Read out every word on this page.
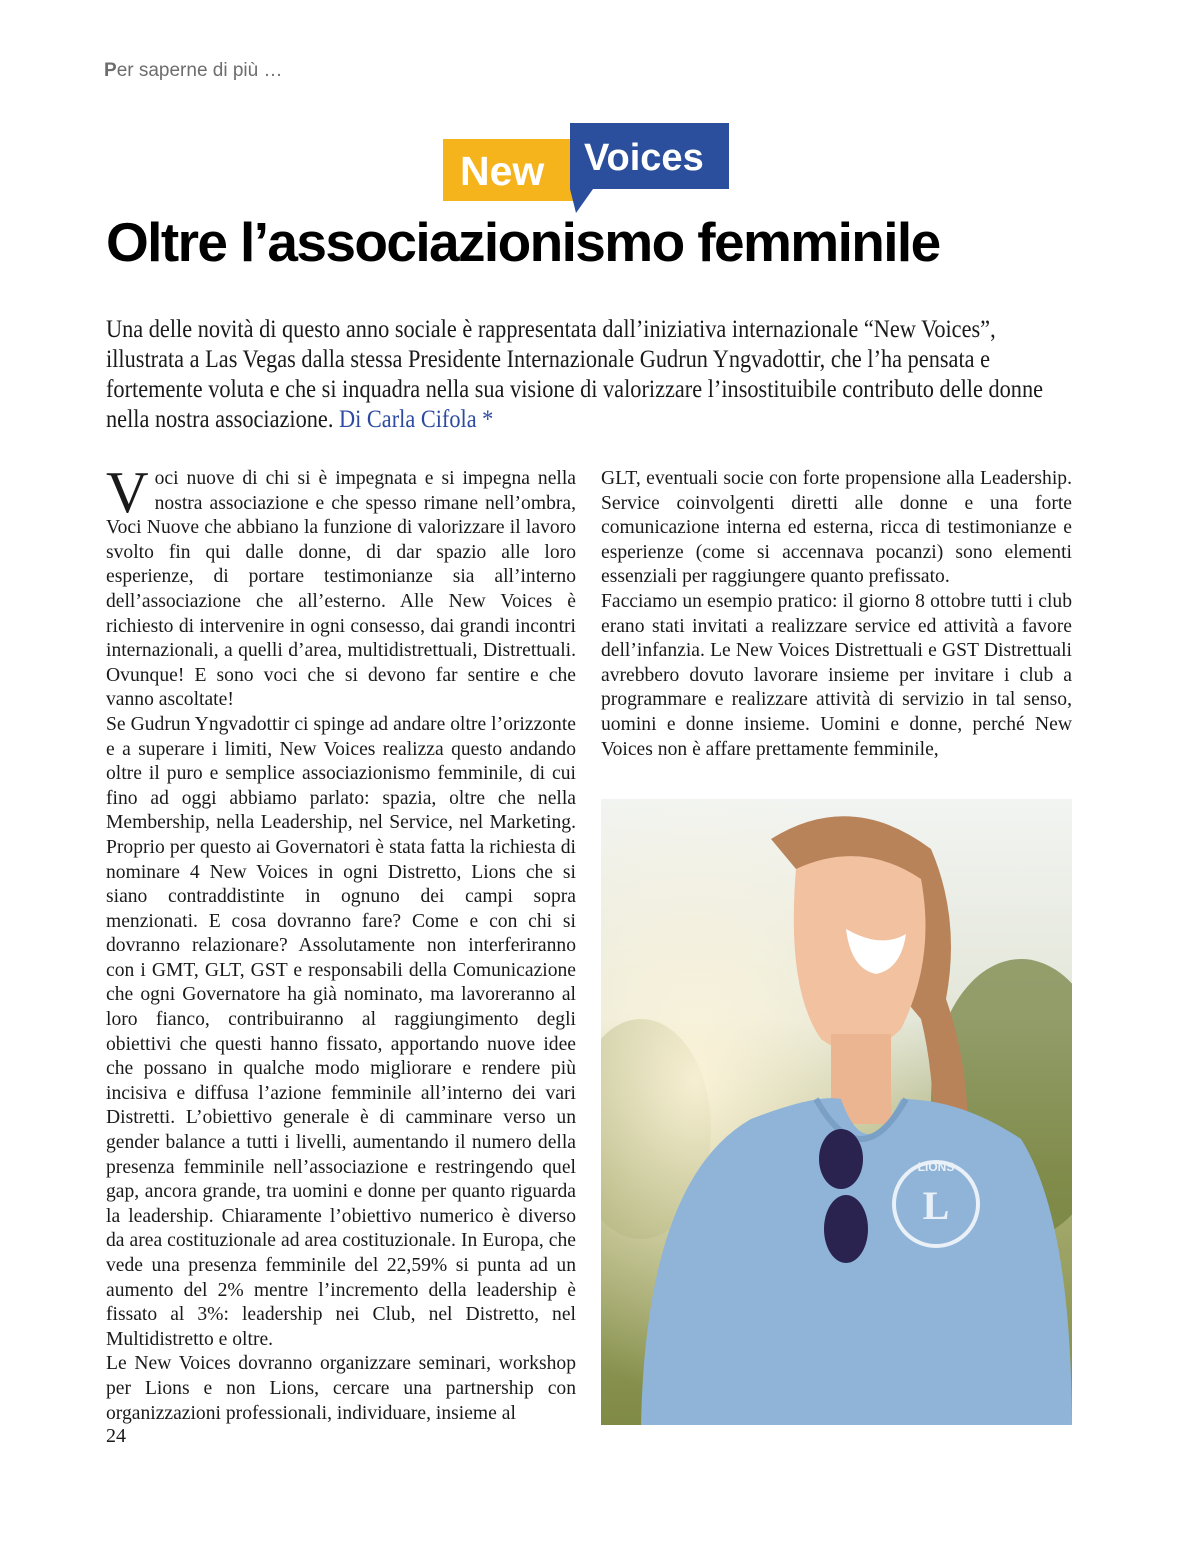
Per saperne di più …
New Voices
Oltre l’associazionismo femminile

Una delle novità di questo anno sociale è rappresentata dall’iniziativa internazionale “New Voices”, illustrata a Las Vegas dalla stessa Presidente Internazionale Gudrun Yngvadottir, che l’ha pensata e fortemente voluta e che si inquadra nella sua visione di valorizzare l’insostituibile contributo delle donne nella nostra associazione. Di Carla Cifola *

Voci nuove di chi si è impegnata e si impegna nella nostra associazione e che spesso rimane nell’ombra, Voci Nuove che abbiano la funzione di valorizzare il lavoro svolto fin qui dalle donne, di dar spazio alle loro esperienze, di portare testimonianze sia all’interno dell’associazione che all’esterno. Alle New Voices è richiesto di intervenire in ogni consesso, dai grandi incontri internazionali, a quelli d’area, multidistrettuali, Distrettuali. Ovunque! E sono voci che si devono far sentire e che vanno ascoltate!

Se Gudrun Yngvadottir ci spinge ad andare oltre l’orizzonte e a superare i limiti, New Voices realizza questo andando oltre il puro e semplice associazionismo femminile, di cui fino ad oggi abbiamo parlato: spazia, oltre che nella Membership, nella Leadership, nel Service, nel Marketing. Proprio per questo ai Governatori è stata fatta la richiesta di nominare 4 New Voices in ogni Distretto, Lions che si siano contraddistinte in ognuno dei campi sopra menzionati. E cosa dovranno fare? Come e con chi si dovranno relazionare? Assolutamente non interferiranno con i GMT, GLT, GST e responsabili della Comunicazione che ogni Governatore ha già nominato, ma lavoreranno al loro fianco, contribuiranno al raggiungimento degli obiettivi che questi hanno fissato, apportando nuove idee che possano in qualche modo migliorare e rendere più incisiva e diffusa l’azione femminile all’interno dei vari Distretti. L’obiettivo generale è di camminare verso un gender balance a tutti i livelli, aumentando il numero della presenza femminile nell’associazione e restringendo quel gap, ancora grande, tra uomini e donne per quanto riguarda la leadership. Chiaramente l’obiettivo numerico è diverso da area costituzionale ad area costituzionale. In Europa, che vede una presenza femminile del 22,59% si punta ad un aumento del 2% mentre l’incremento della leadership è fissato al 3%: leadership nei Club, nel Distretto, nel Multidistretto e oltre.

Le New Voices dovranno organizzare seminari, workshop per Lions e non Lions, cercare una partnership con organizzazioni professionali, individuare, insieme al

GLT, eventuali socie con forte propensione alla Leadership. Service coinvolgenti diretti alle donne e una forte comunicazione interna ed esterna, ricca di testimonianze e esperienze (come si accennava pocanzi) sono elementi essenziali per raggiungere quanto prefissato.

Facciamo un esempio pratico: il giorno 8 ottobre tutti i club erano stati invitati a realizzare service ed attività a favore dell’infanzia. Le New Voices Distrettuali e GST Distrettuali avrebbero dovuto lavorare insieme per invitare i club a programmare e realizzare attività di servizio in tal senso, uomini e donne insieme. Uomini e donne, perché New Voices non è affare prettamente femminile,

L
LIONS
24
